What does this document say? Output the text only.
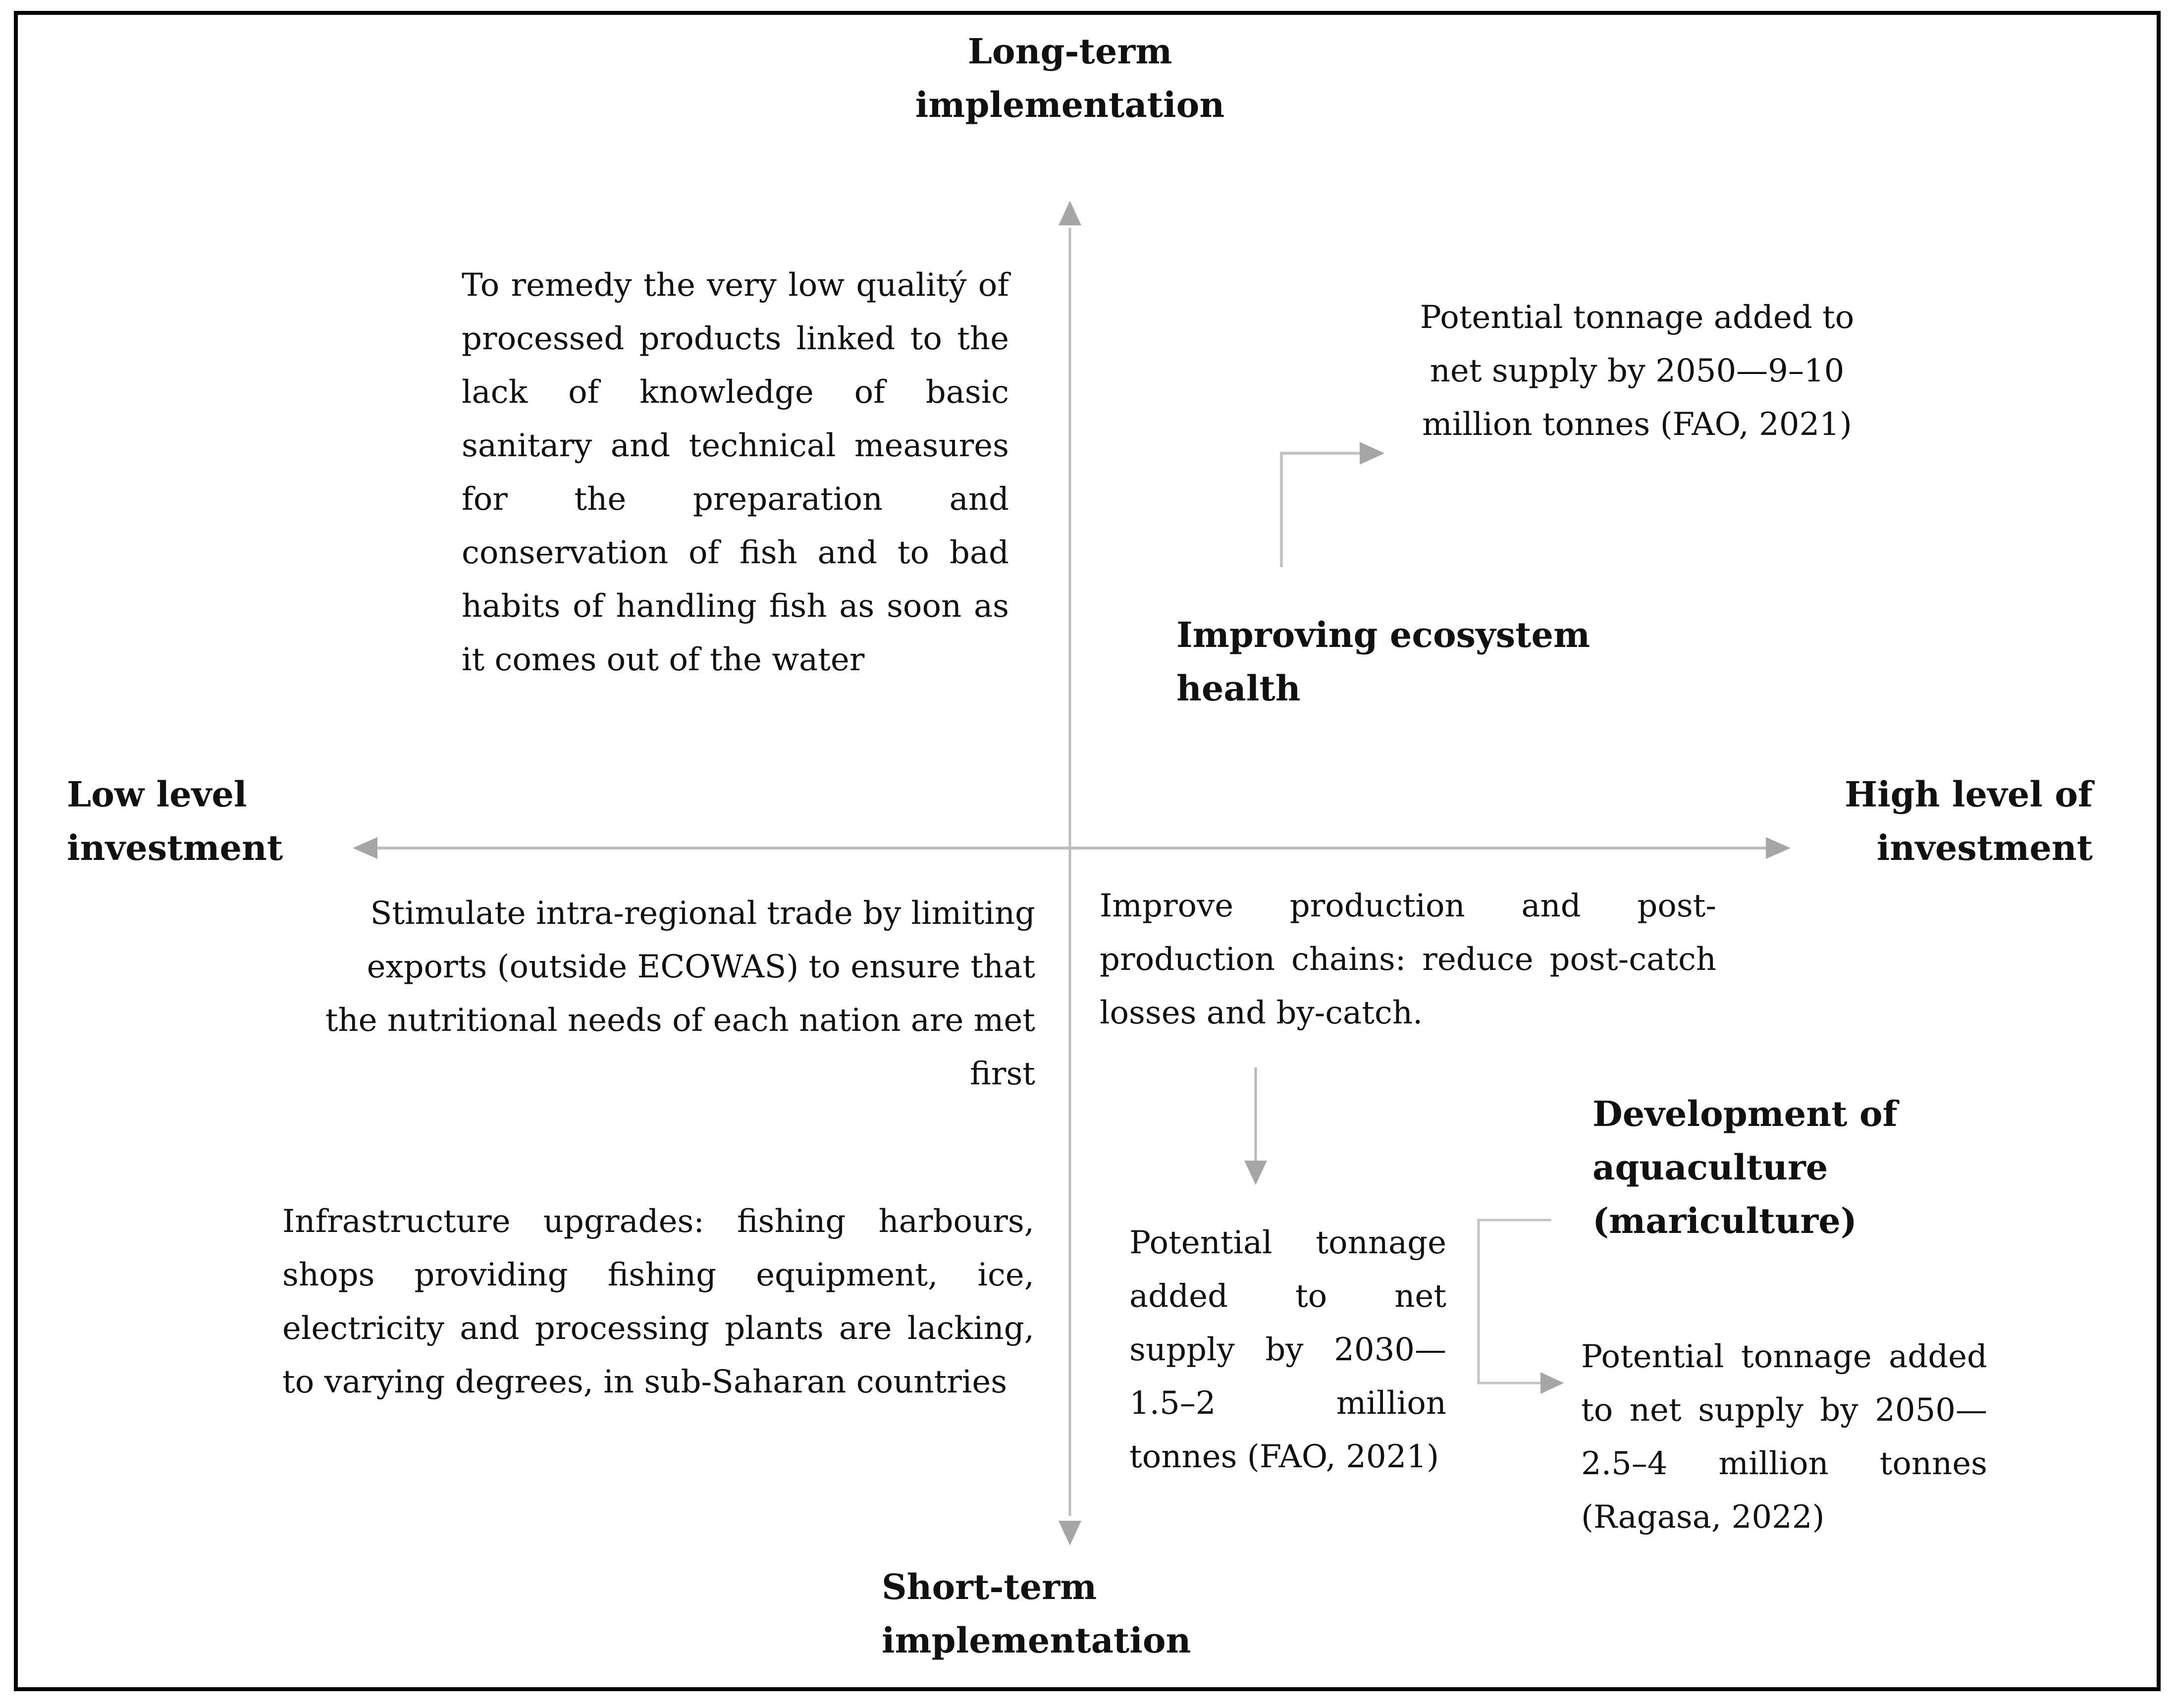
Long-term
implementation
Short-term
implementation
Low level
investment
High level of
investment
To remedy the very low qualitý of processed products linked to the lack of knowledge of basic sanitary and technical measures for the preparation and conservation of fish and to bad habits of handling fish as soon as it comes out of the water
Potential tonnage added to net supply by 2050—9–10 million tonnes (FAO, 2021)
Improving ecosystem health
Stimulate intra-regional trade by limiting exports (outside ECOWAS) to ensure that the nutritional needs of each nation are met first
Infrastructure upgrades: fishing harbours, shops providing fishing equipment, ice, electricity and processing plants are lacking, to varying degrees, in sub-Saharan countries
Improve production and post-production chains: reduce post-catch losses and by-catch.
Potential tonnage added to net supply by 2030—1.5–2 million tonnes (FAO, 2021)
Development of
aquaculture
(mariculture)
Potential tonnage added to net supply by 2050—2.5–4 million tonnes (Ragasa, 2022)
